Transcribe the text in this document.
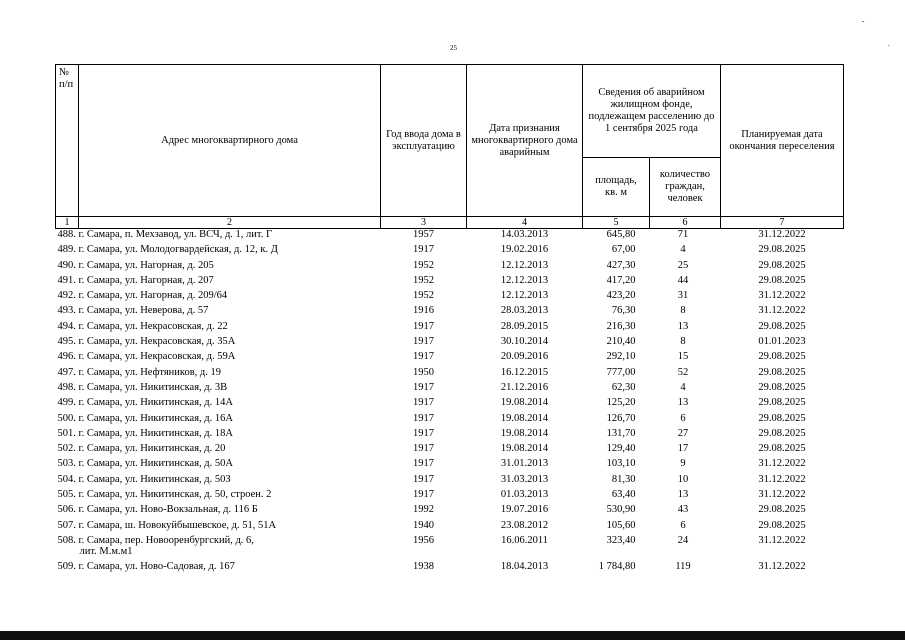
25
-
.
№
п/п	Адрес многоквартирного дома	Год ввода дома в эксплуатацию	Дата признания многоквартирного дома аварийным	Сведения об аварийном жилищном фонде, подлежащем расселению до 1 сентября 2025 года		Планируемая дата окончания переселения
				площадь, кв. м	количество граждан, человек	
1	2	3	4	5	6	7
488. г. Самара, п. Мехзавод, ул. ВСЧ, д. 1, лит. Г		1957	14.03.2013	645,80	71	31.12.2022
489. г. Самара, ул. Молодогвардейская, д. 12, к. Д		1917	19.02.2016	67,00	4	29.08.2025
490. г. Самара, ул. Нагорная, д. 205		1952	12.12.2013	427,30	25	29.08.2025
491. г. Самара, ул. Нагорная, д. 207		1952	12.12.2013	417,20	44	29.08.2025
492. г. Самара, ул. Нагорная, д. 209/64		1952	12.12.2013	423,20	31	31.12.2022
493. г. Самара, ул. Неверова, д. 57		1916	28.03.2013	76,30	8	31.12.2022
494. г. Самара, ул. Некрасовская, д. 22		1917	28.09.2015	216,30	13	29.08.2025
495. г. Самара, ул. Некрасовская, д. 35А		1917	30.10.2014	210,40	8	01.01.2023
496. г. Самара, ул. Некрасовская, д. 59А		1917	20.09.2016	292,10	15	29.08.2025
497. г. Самара, ул. Нефтяников, д. 19		1950	16.12.2015	777,00	52	29.08.2025
498. г. Самара, ул. Никитинская, д. 3В		1917	21.12.2016	62,30	4	29.08.2025
499. г. Самара, ул. Никитинская, д. 14А		1917	19.08.2014	125,20	13	29.08.2025
500. г. Самара, ул. Никитинская, д. 16А		1917	19.08.2014	126,70	6	29.08.2025
501. г. Самара, ул. Никитинская, д. 18А		1917	19.08.2014	131,70	27	29.08.2025
502. г. Самара, ул. Никитинская, д. 20		1917	19.08.2014	129,40	17	29.08.2025
503. г. Самара, ул. Никитинская, д. 50А		1917	31.01.2013	103,10	9	31.12.2022
504. г. Самара, ул. Никитинская, д. 50З		1917	31.03.2013	81,30	10	31.12.2022
505. г. Самара, ул. Никитинская, д. 50, строен. 2		1917	01.03.2013	63,40	13	31.12.2022
506. г. Самара, ул. Ново-Вокзальная, д. 116 Б		1992	19.07.2016	530,90	43	29.08.2025
507. г. Самара, ш. Новокуйбышевское, д. 51, 51А		1940	23.08.2012	105,60	6	29.08.2025
508. г. Самара, пер. Новооренбургский, д. 6,
лит. М.м.м1		1956	16.06.2011	323,40	24	31.12.2022
509. г. Самара, ул. Ново-Садовая, д. 167		1938	18.04.2013	1 784,80	119	31.12.2022
